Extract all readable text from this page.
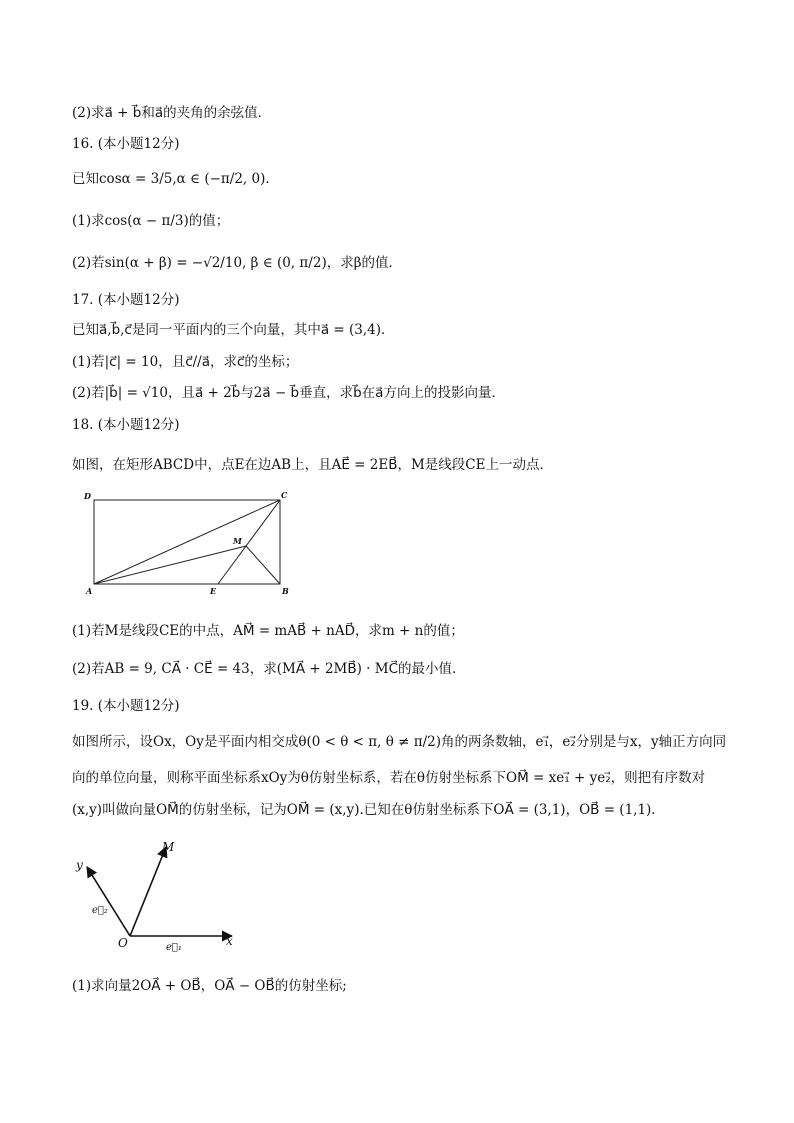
(2)求a⃗ + b⃗和a⃗的夹角的余弦值．
16. (本小题12分)
已知cosα = 3/5,α ∈ (−π/2, 0)．
(1)求cos(α − π/3)的值；
(2)若sin(α + β) = −√2/10, β ∈ (0, π/2)，求β的值．
17. (本小题12分)
已知a⃗,b⃗,c⃗是同一平面内的三个向量，其中a⃗ = (3,4)．
(1)若|c⃗| = 10，且c⃗//a⃗，求c⃗的坐标；
(2)若|b⃗| = √10，且a⃗ + 2b⃗与2a⃗ − b⃗垂直，求b⃗在a⃗方向上的投影向量．
18. (本小题12分)
如图，在矩形ABCD中，点E在边AB上，且AE⃗ = 2EB⃗，M是线段CE上一动点．
D	C
M
A	E	B
(1)若M是线段CE的中点，AM⃗ = mAB⃗ + nAD⃗，求m + n的值；
(2)若AB = 9, CA⃗ · CE⃗ = 43，求(MA⃗ + 2MB⃗) · MC⃗的最小值．
19. (本小题12分)
如图所示，设Ox，Oy是平面内相交成θ(0 < θ < π, θ ≠ π/2)角的两条数轴，e₁⃗，e₂⃗分别是与x，y轴正方向同
向的单位向量，则称平面坐标系xOy为θ仿射坐标系，若在θ仿射坐标系下OM⃗ = xe₁⃗ + ye₂⃗，则把有序数对
(x,y)叫做向量OM⃗的仿射坐标，记为OM⃗ = (x,y).已知在θ仿射坐标系下OA⃗ = (3,1)，OB⃗ = (1,1)．
y
M
e⃗₂
O	e⃗₁	x
(1)求向量2OA⃗ + OB⃗，OA⃗ − OB⃗的仿射坐标;
